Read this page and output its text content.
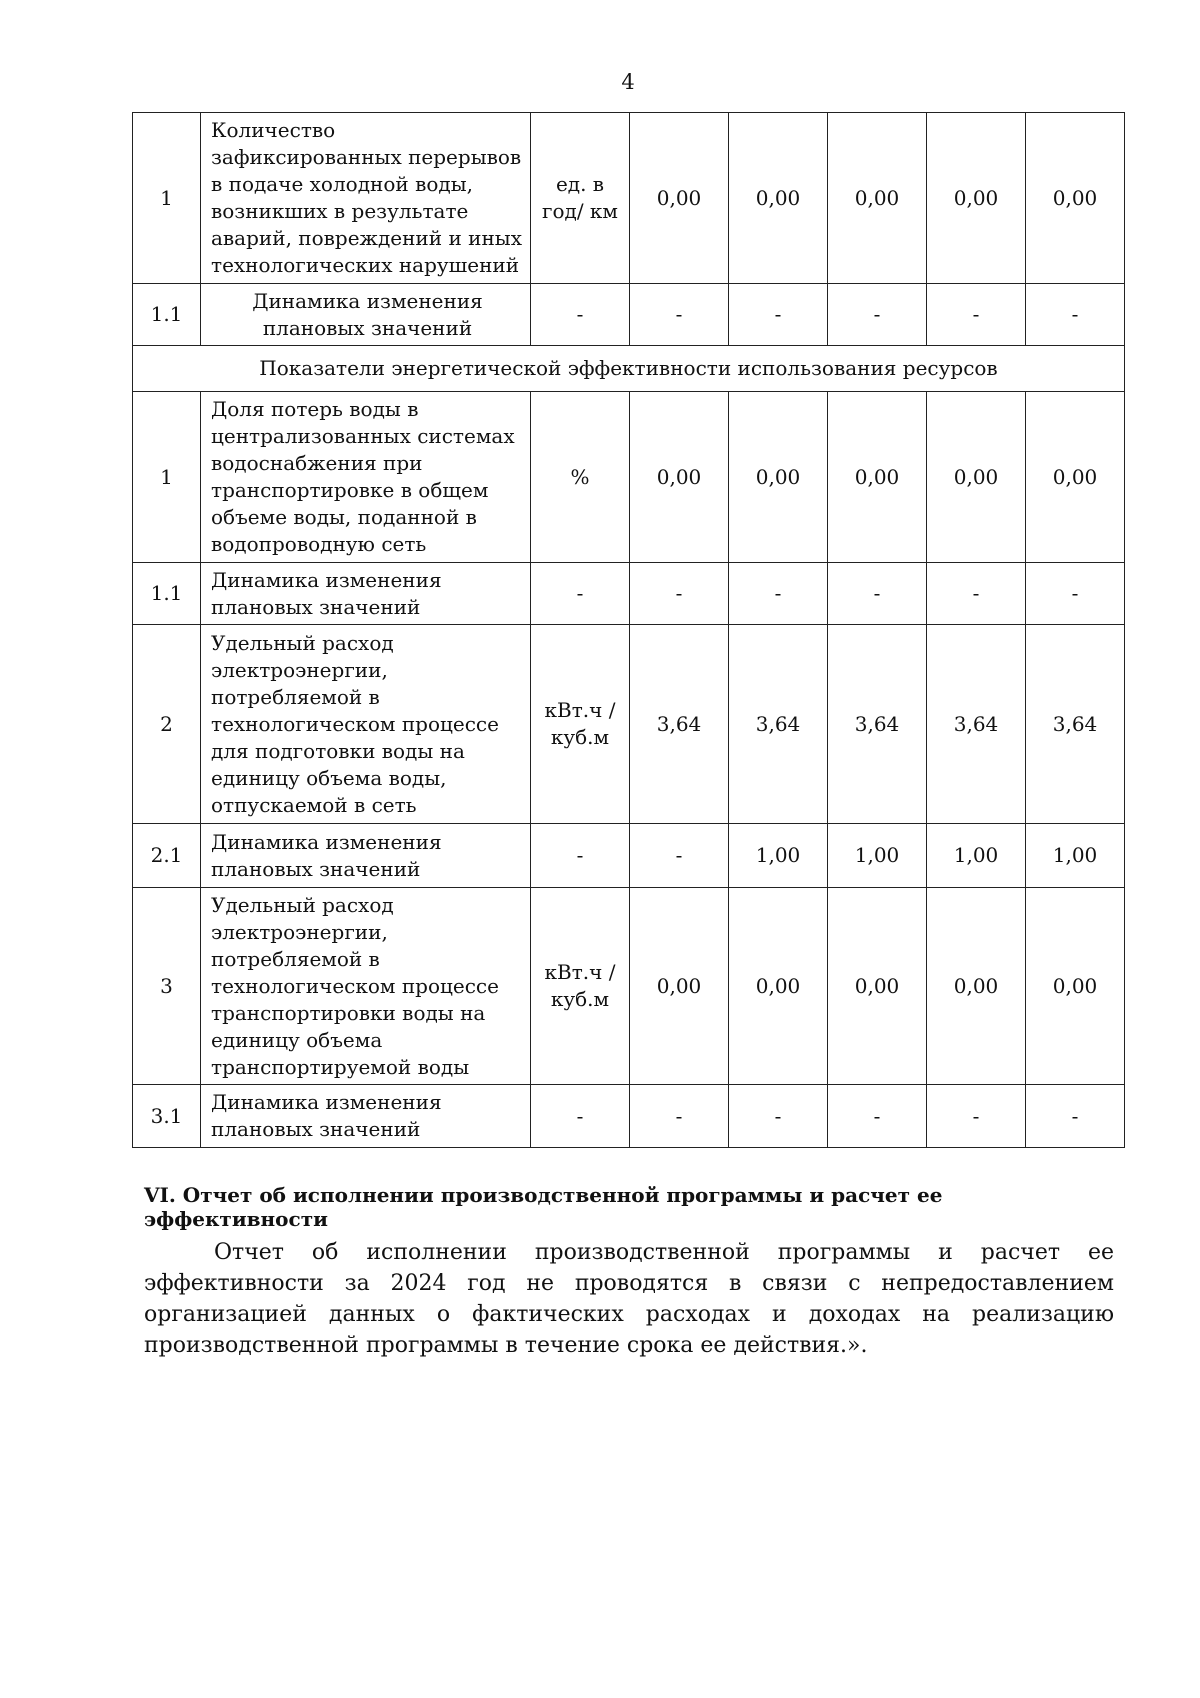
4
1	Количество зафиксированных перерывов в подаче холодной воды, возникших в результате аварий, повреждений и иных технологических нарушений	ед. в год/ км	0,00	0,00	0,00	0,00	0,00
1.1	Динамика изменения плановых значений	-	-	-	-	-	-
Показатели энергетической эффективности использования ресурсов							
1	Доля потерь воды в централизованных системах водоснабжения при транспортировке в общем объеме воды, поданной в водопроводную сеть	%	0,00	0,00	0,00	0,00	0,00
1.1	Динамика изменения плановых значений	-	-	-	-	-	-
2	Удельный расход электроэнергии, потребляемой в технологическом процессе для подготовки воды на единицу объема воды, отпускаемой в сеть	кВт.ч / куб.м	3,64	3,64	3,64	3,64	3,64
2.1	Динамика изменения плановых значений	-	-	1,00	1,00	1,00	1,00
3	Удельный расход электроэнергии, потребляемой в технологическом процессе транспортировки воды на единицу объема транспортируемой воды	кВт.ч / куб.м	0,00	0,00	0,00	0,00	0,00
3.1	Динамика изменения плановых значений	-	-	-	-	-	-
VI. Отчет об исполнении производственной программы и расчет ее эффективности
Отчет об исполнении производственной программы и расчет ее эффективности за 2024 год не проводятся в связи с непредоставлением организацией данных о фактических расходах и доходах на реализацию производственной программы в течение срока ее действия.».
